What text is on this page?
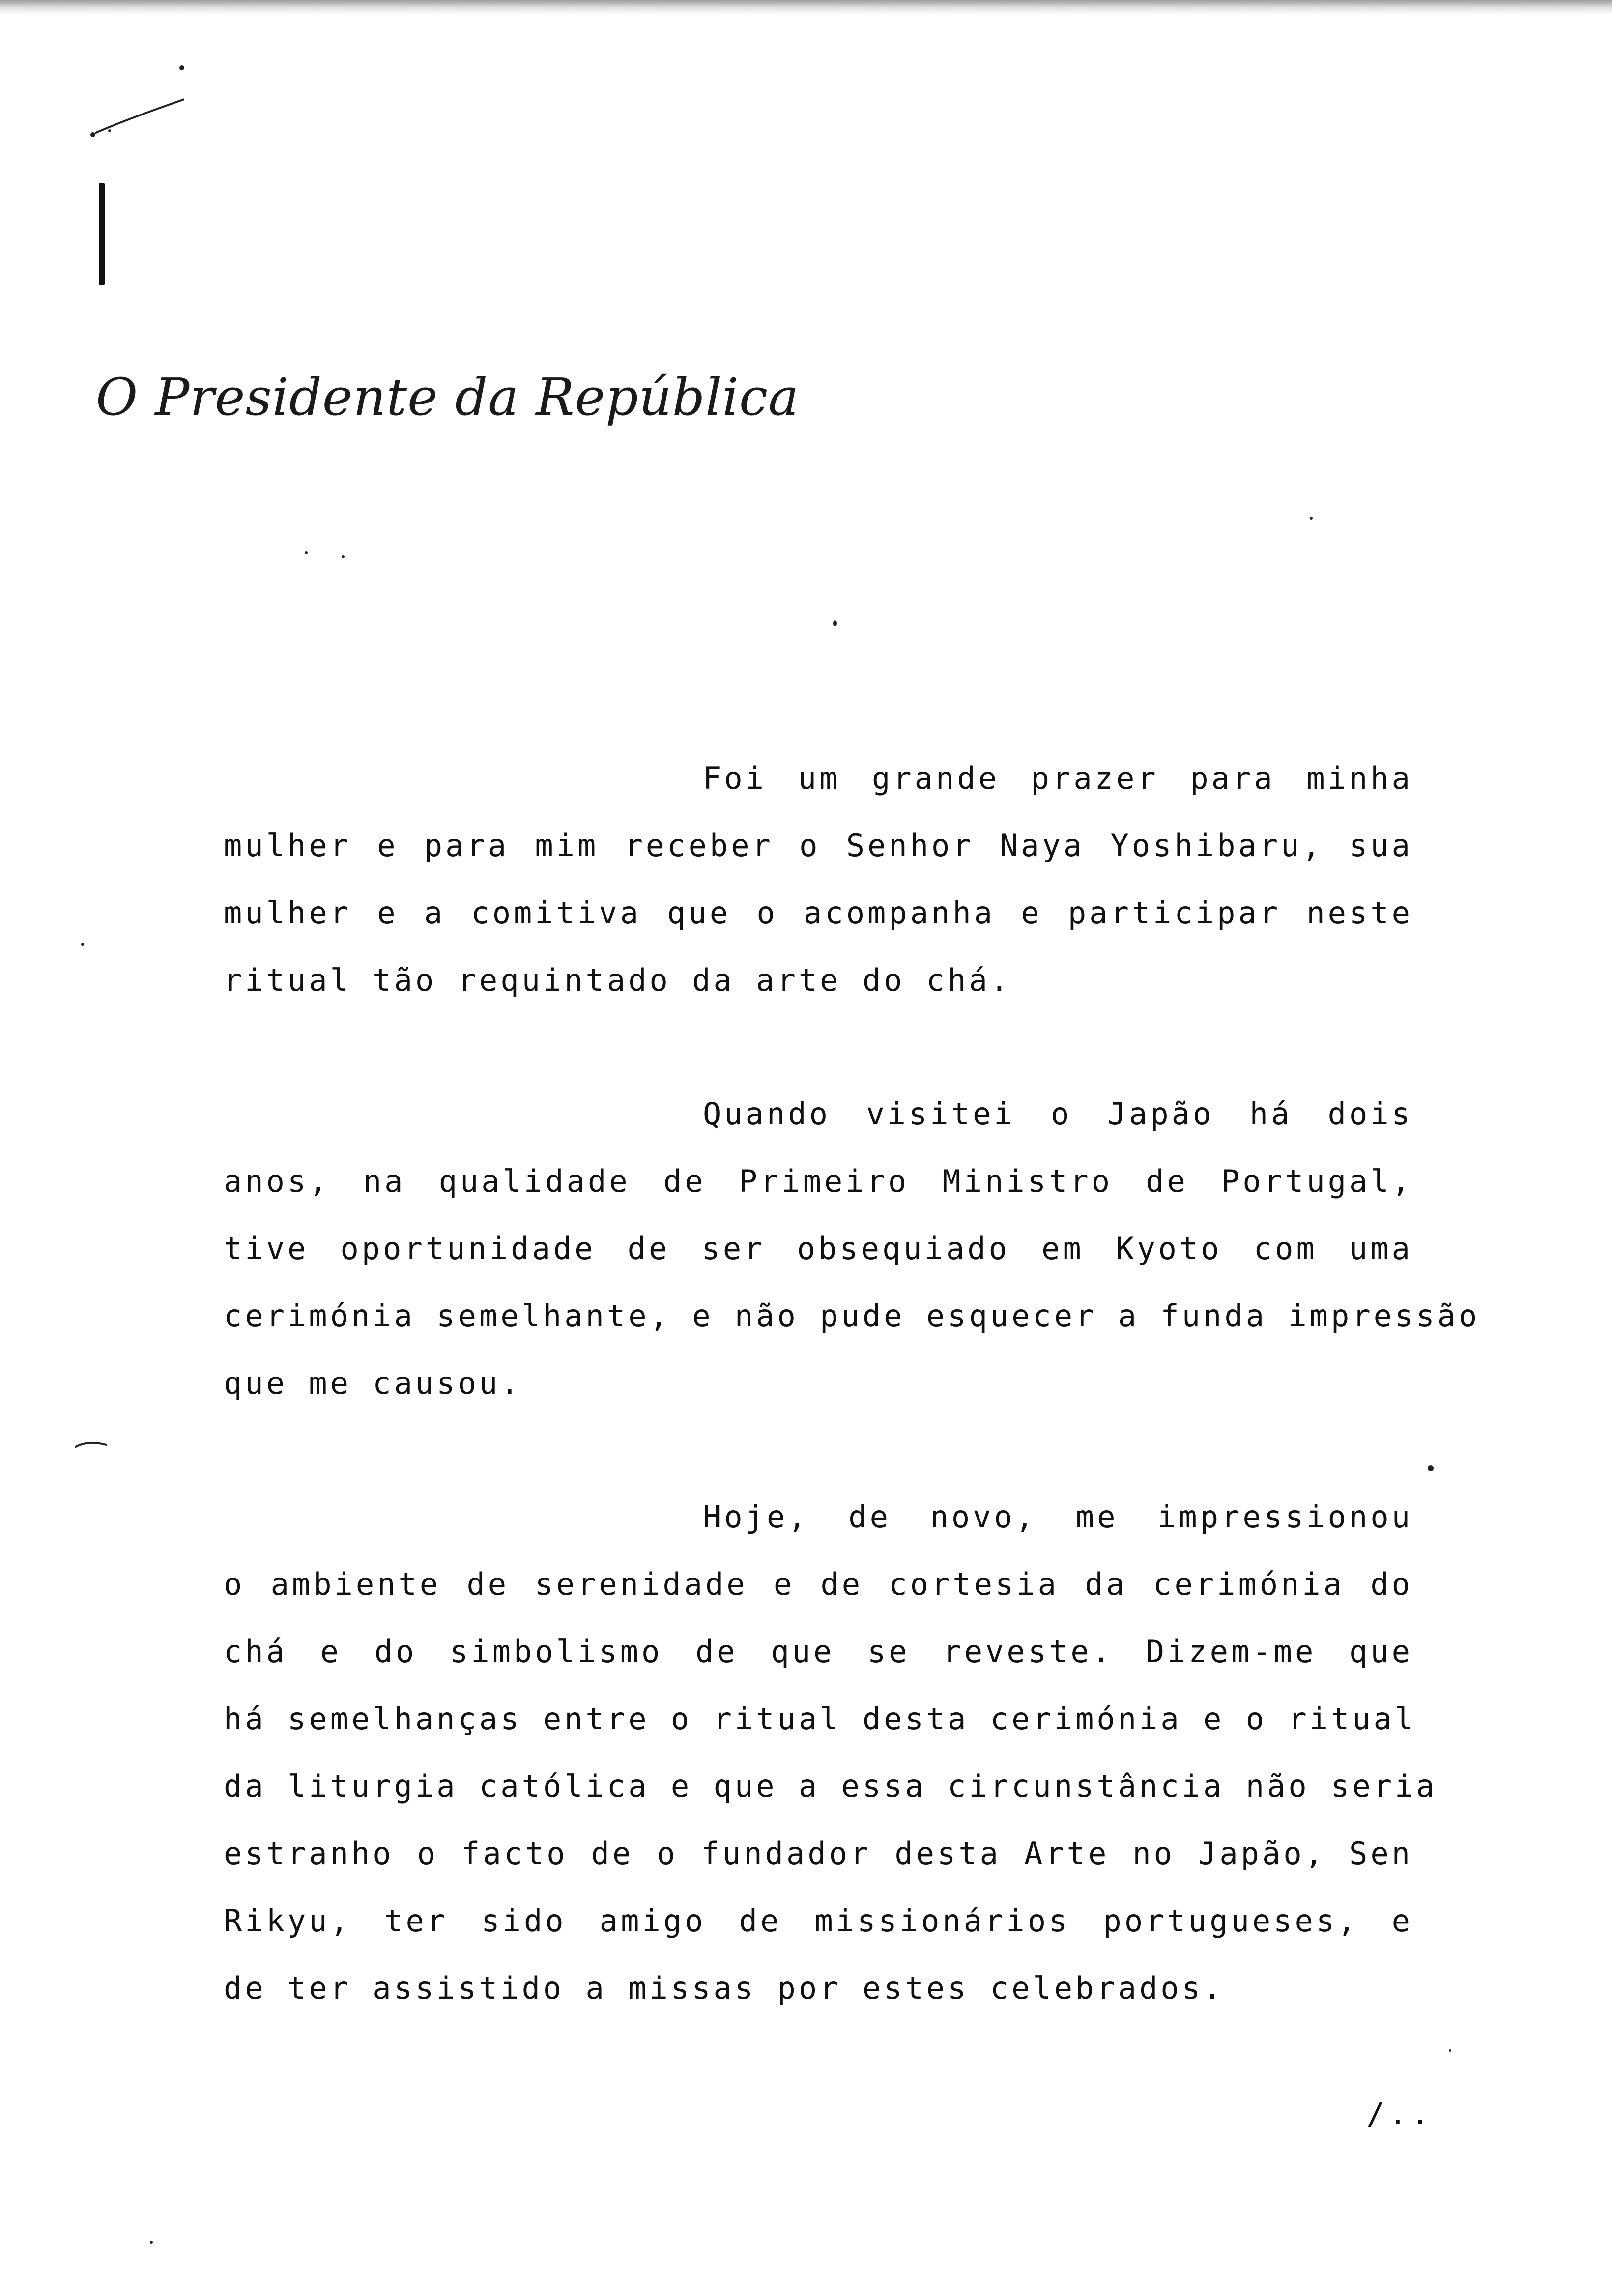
O Presidente da República

Foi um grande prazer para minha
mulher e para mim receber o Senhor Naya Yoshibaru, sua
mulher e a comitiva que o acompanha e participar neste
ritual tão requintado da arte do chá.
Quando visitei o Japão há dois
anos, na qualidade de Primeiro Ministro de Portugal,
tive oportunidade de ser obsequiado em Kyoto com uma
cerimónia semelhante, e não pude esquecer a funda impressão
que me causou.
Hoje, de novo, me impressionou
o ambiente de serenidade e de cortesia da cerimónia do
chá e do simbolismo de que se reveste. Dizem-me que
há semelhanças entre o ritual desta cerimónia e o ritual
da liturgia católica e que a essa circunstância não seria
estranho o facto de o fundador desta Arte no Japão, Sen
Rikyu, ter sido amigo de missionários portugueses, e
de ter assistido a missas por estes celebrados.

/..
